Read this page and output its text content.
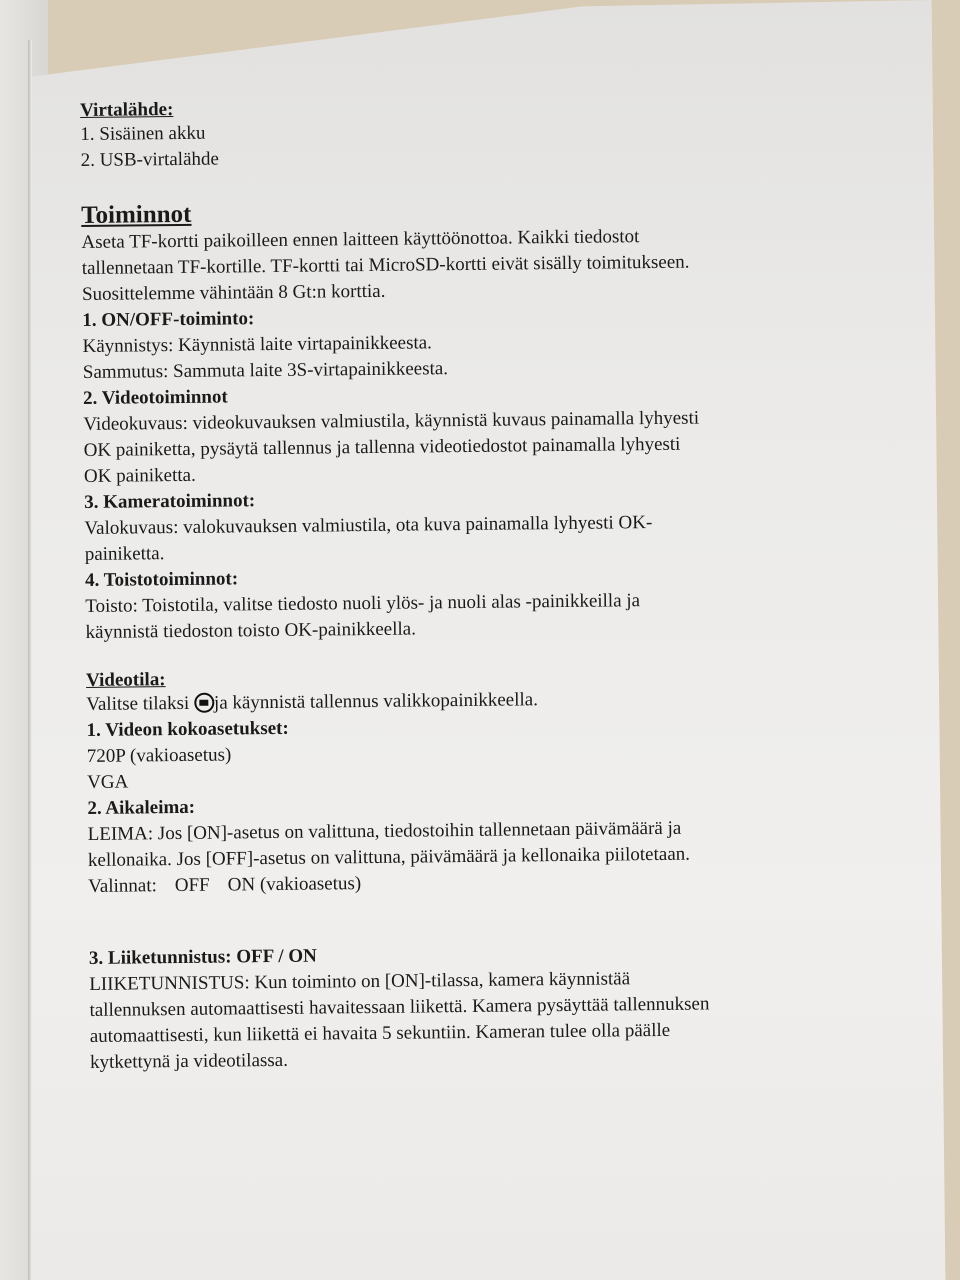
Virtalähde:
1. Sisäinen akku
2. USB-virtalähde
Toiminnot
Aseta TF-kortti paikoilleen ennen laitteen käyttöönottoa. Kaikki tiedostot
tallennetaan TF-kortille. TF-kortti tai MicroSD-kortti eivät sisälly toimitukseen.
Suosittelemme vähintään 8 Gt:n korttia.
1. ON/OFF-toiminto:
Käynnistys: Käynnistä laite virtapainikkeesta.
Sammutus: Sammuta laite 3S-virtapainikkeesta.
2. Videotoiminnot
Videokuvaus: videokuvauksen valmiustila, käynnistä kuvaus painamalla lyhyesti
OK painiketta, pysäytä tallennus ja tallenna videotiedostot painamalla lyhyesti
OK painiketta.
3. Kameratoiminnot:
Valokuvaus: valokuvauksen valmiustila, ota kuva painamalla lyhyesti OK-
painiketta.
4. Toistotoiminnot:
Toisto: Toistotila, valitse tiedosto nuoli ylös- ja nuoli alas -painikkeilla ja
käynnistä tiedoston toisto OK-painikkeella.
Videotila:
Valitse tilaksi ja käynnistä tallennus valikkopainikkeella.
1. Videon kokoasetukset:
720P (vakioasetus)
VGA
2. Aikaleima:
LEIMA: Jos [ON]-asetus on valittuna, tiedostoihin tallennetaan päivämäärä ja
kellonaika. Jos [OFF]-asetus on valittuna, päivämäärä ja kellonaika piilotetaan.
Valinnat: OFF ON (vakioasetus)
3. Liiketunnistus: OFF / ON
LIIKETUNNISTUS: Kun toiminto on [ON]-tilassa, kamera käynnistää
tallennuksen automaattisesti havaitessaan liikettä. Kamera pysäyttää tallennuksen
automaattisesti, kun liikettä ei havaita 5 sekuntiin. Kameran tulee olla päälle
kytkettynä ja videotilassa.
